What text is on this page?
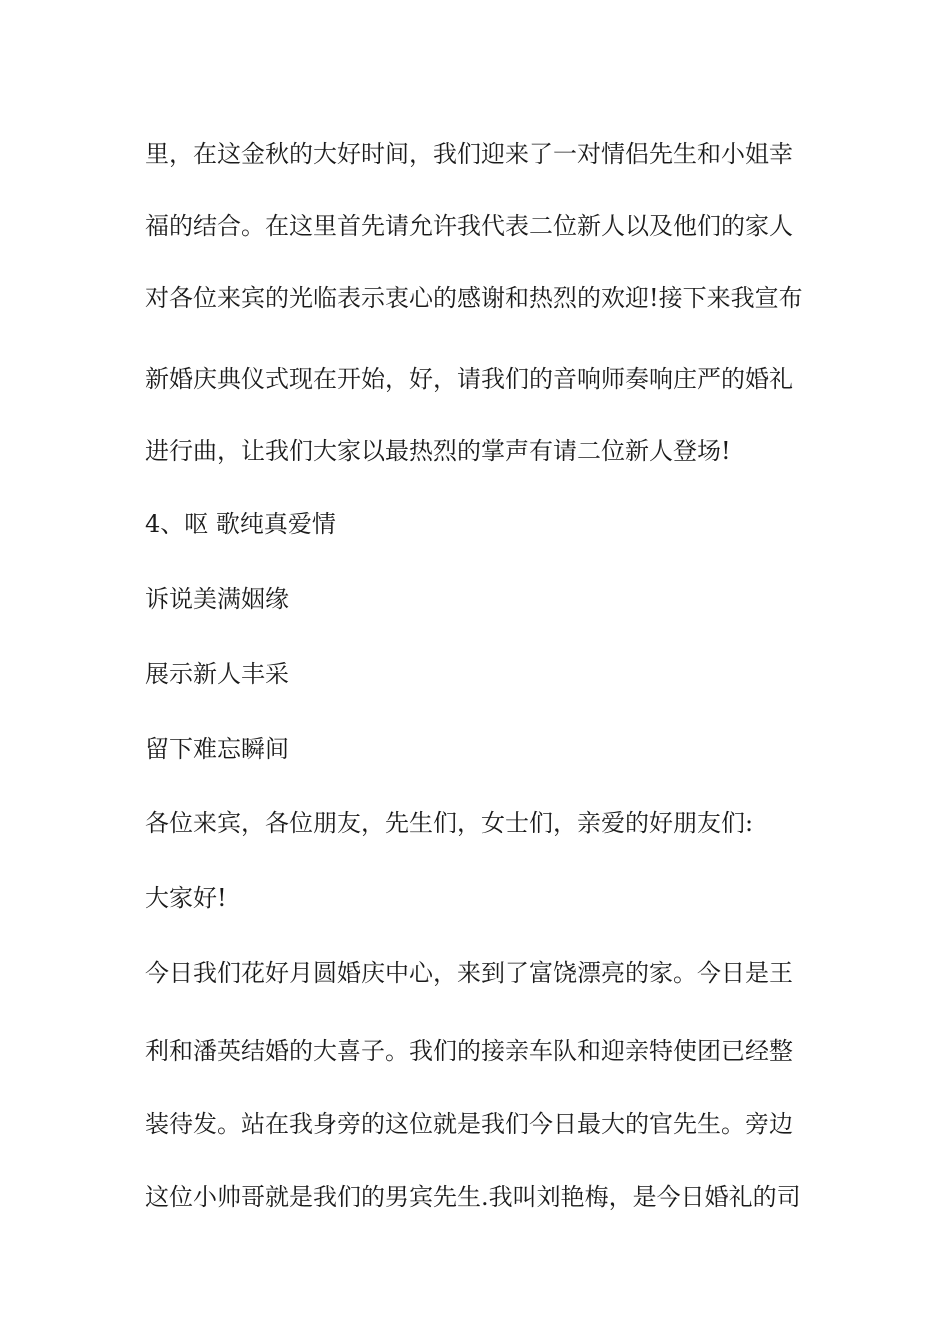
里，在这金秋的大好时间，我们迎来了一对情侣先生和小姐幸
福的结合。在这里首先请允许我代表二位新人以及他们的家人
对各位来宾的光临表示衷心的感谢和热烈的欢迎!接下来我宣布
新婚庆典仪式现在开始，好，请我们的音响师奏响庄严的婚礼
进行曲，让我们大家以最热烈的掌声有请二位新人登场!
4、呕 歌纯真爱情
诉说美满姻缘
展示新人丰采
留下难忘瞬间
各位来宾，各位朋友，先生们，女士们，亲爱的好朋友们:
大家好!
今日我们花好月圆婚庆中心，来到了富饶漂亮的家。今日是王
利和潘英结婚的大喜子。我们的接亲车队和迎亲特使团已经整
装待发。站在我身旁的这位就是我们今日最大的官先生。旁边
这位小帅哥就是我们的男宾先生.我叫刘艳梅，是今日婚礼的司
